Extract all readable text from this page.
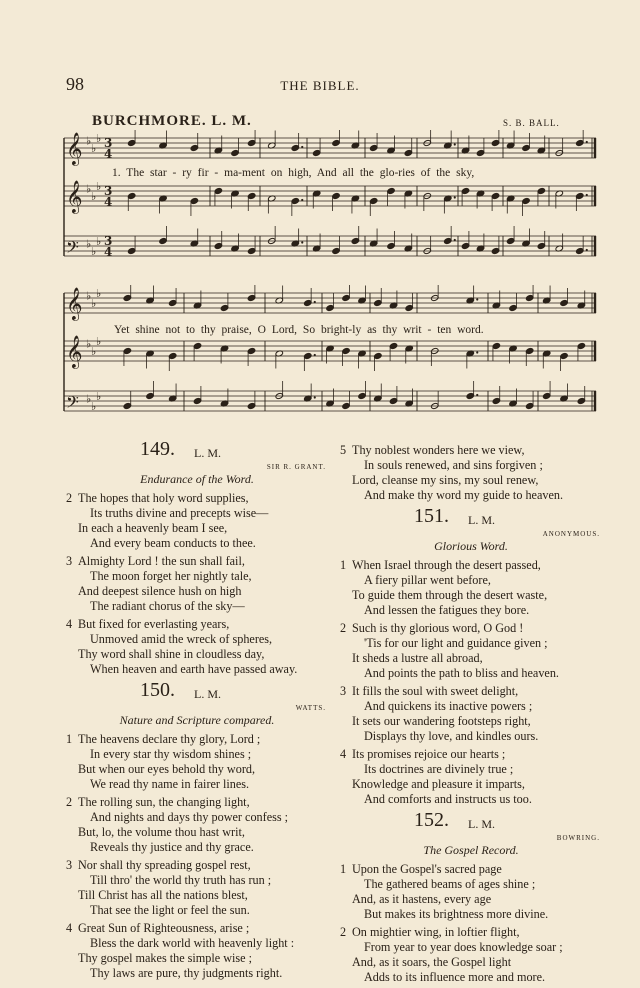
98	THE BIBLE.
BURCHMORE. L. M.	S. B. BALL.
𝄞 ♭
♭
♭ 3
4
𝄞 ♭
♭
♭ 3
4
𝄢 ♭
♭
♭ 3
4
1. The star - ry fir - ma-ment on high, And all the glo-ries of the sky,
𝄞 ♭
♭
♭
𝄞 ♭
♭
♭
𝄢 ♭
♭
♭
Yet shine not to thy praise, O Lord, So bright-ly as thy writ - ten word.
149. L. M.
SIR R. GRANT.
Endurance of the Word.
2 The hopes that holy word supplies,
Its truths divine and precepts wise—
In each a heavenly beam I see,
And every beam conducts to thee.
3 Almighty Lord ! the sun shall fail,
The moon forget her nightly tale,
And deepest silence hush on high
The radiant chorus of the sky—
4 But fixed for everlasting years,
Unmoved amid the wreck of spheres,
Thy word shall shine in cloudless day,
When heaven and earth have passed away.
150. L. M.
WATTS.
Nature and Scripture compared.
1 The heavens declare thy glory, Lord ;
In every star thy wisdom shines ;
But when our eyes behold thy word,
We read thy name in fairer lines.
2 The rolling sun, the changing light,
And nights and days thy power confess ;
But, lo, the volume thou hast writ,
Reveals thy justice and thy grace.
3 Nor shall thy spreading gospel rest,
Till thro' the world thy truth has run ;
Till Christ has all the nations blest,
That see the light or feel the sun.
4 Great Sun of Righteousness, arise ;
Bless the dark world with heavenly light :
Thy gospel makes the simple wise ;
Thy laws are pure, thy judgments right.
5 Thy noblest wonders here we view,
In souls renewed, and sins forgiven ;
Lord, cleanse my sins, my soul renew,
And make thy word my guide to heaven.
151. L. M.
ANONYMOUS.
Glorious Word.
1 When Israel through the desert passed,
A fiery pillar went before,
To guide them through the desert waste,
And lessen the fatigues they bore.
2 Such is thy glorious word, O God !
'Tis for our light and guidance given ;
It sheds a lustre all abroad,
And points the path to bliss and heaven.
3 It fills the soul with sweet delight,
And quickens its inactive powers ;
It sets our wandering footsteps right,
Displays thy love, and kindles ours.
4 Its promises rejoice our hearts ;
Its doctrines are divinely true ;
Knowledge and pleasure it imparts,
And comforts and instructs us too.
152. L. M.
BOWRING.
The Gospel Record.
1 Upon the Gospel's sacred page
The gathered beams of ages shine ;
And, as it hastens, every age
But makes its brightness more divine.
2 On mightier wing, in loftier flight,
From year to year does knowledge soar ;
And, as it soars, the Gospel light
Adds to its influence more and more.
